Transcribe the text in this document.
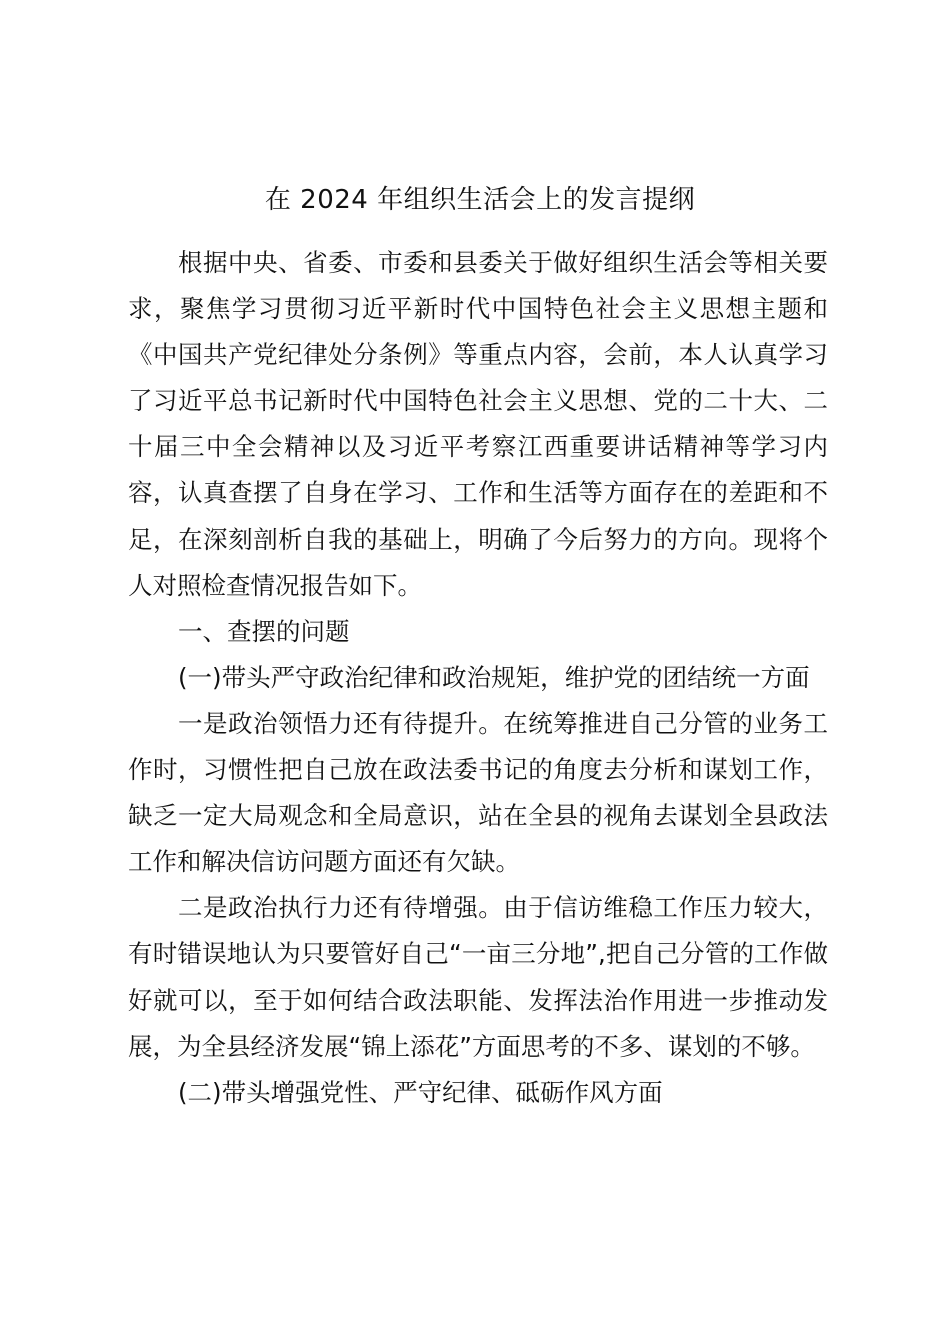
在 2024 年组织生活会上的发言提纲

根据中央、省委、市委和县委关于做好组织生活会等相关要求，聚焦学习贯彻习近平新时代中国特色社会主义思想主题和《中国共产党纪律处分条例》等重点内容，会前，本人认真学习了习近平总书记新时代中国特色社会主义思想、党的二十大、二十届三中全会精神以及习近平考察江西重要讲话精神等学习内容，认真查摆了自身在学习、工作和生活等方面存在的差距和不足，在深刻剖析自我的基础上，明确了今后努力的方向。现将个人对照检查情况报告如下。

一、查摆的问题

(一)带头严守政治纪律和政治规矩，维护党的团结统一方面

一是政治领悟力还有待提升。在统筹推进自己分管的业务工作时，习惯性把自己放在政法委书记的角度去分析和谋划工作，缺乏一定大局观念和全局意识，站在全县的视角去谋划全县政法工作和解决信访问题方面还有欠缺。

二是政治执行力还有待增强。由于信访维稳工作压力较大，有时错误地认为只要管好自己“一亩三分地”,把自己分管的工作做好就可以，至于如何结合政法职能、发挥法治作用进一步推动发展，为全县经济发展“锦上添花”方面思考的不多、谋划的不够。

(二)带头增强党性、严守纪律、砥砺作风方面
